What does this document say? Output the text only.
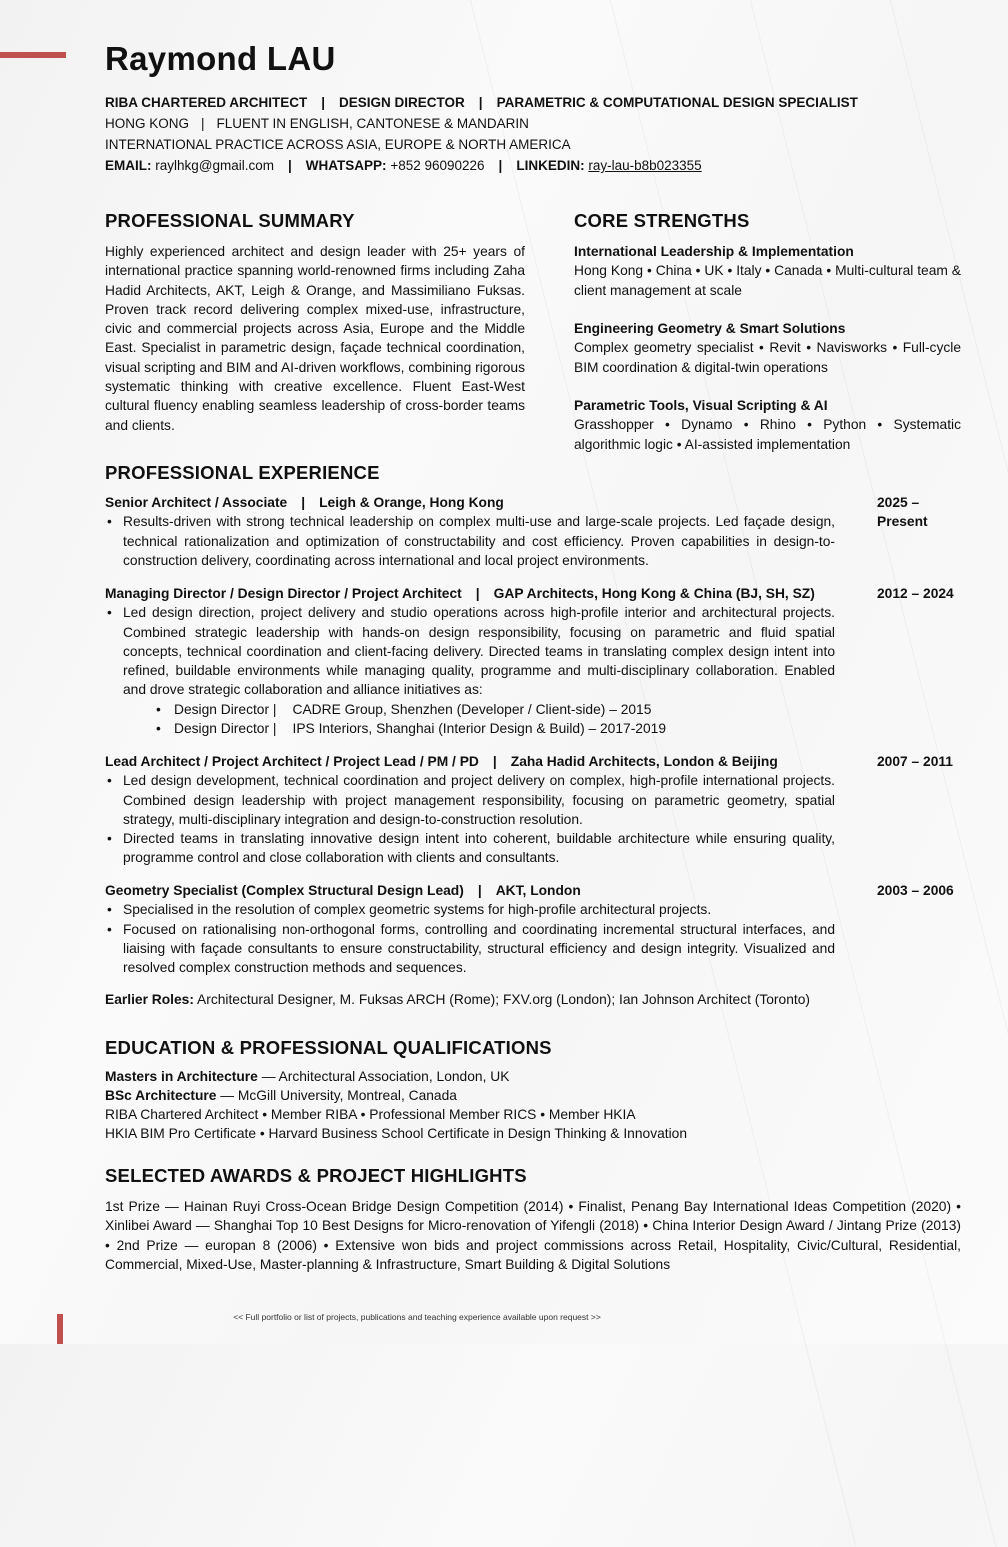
Raymond LAU
RIBA CHARTERED ARCHITECT | DESIGN DIRECTOR | PARAMETRIC & COMPUTATIONAL DESIGN SPECIALIST
HONG KONG | FLUENT IN ENGLISH, CANTONESE & MANDARIN
INTERNATIONAL PRACTICE ACROSS ASIA, EUROPE & NORTH AMERICA
EMAIL: raylhkg@gmail.com | WHATSAPP: +852 96090226 | LINKEDIN: ray-lau-b8b023355
PROFESSIONAL SUMMARY
Highly experienced architect and design leader with 25+ years of international practice spanning world-renowned firms including Zaha Hadid Architects, AKT, Leigh & Orange, and Massimiliano Fuksas. Proven track record delivering complex mixed-use, infrastructure, civic and commercial projects across Asia, Europe and the Middle East. Specialist in parametric design, façade technical coordination, visual scripting and BIM and AI-driven workflows, combining rigorous systematic thinking with creative excellence. Fluent East-West cultural fluency enabling seamless leadership of cross-border teams and clients.
CORE STRENGTHS
International Leadership & Implementation
Hong Kong • China • UK • Italy • Canada • Multi-cultural team & client management at scale
Engineering Geometry & Smart Solutions
Complex geometry specialist • Revit • Navisworks • Full-cycle BIM coordination & digital-twin operations
Parametric Tools, Visual Scripting & AI
Grasshopper • Dynamo • Rhino • Python • Systematic algorithmic logic • AI-assisted implementation
PROFESSIONAL EXPERIENCE
Senior Architect / Associate | Leigh & Orange, Hong Kong	2025 – Present
• Results-driven with strong technical leadership on complex multi-use and large-scale projects. Led façade design, technical rationalization and optimization of constructability and cost efficiency. Proven capabilities in design-to-construction delivery, coordinating across international and local project environments.
Managing Director / Design Director / Project Architect | GAP Architects, Hong Kong & China (BJ, SH, SZ)	2012 – 2024
• Led design direction, project delivery and studio operations across high-profile interior and architectural projects. Combined strategic leadership with hands-on design responsibility, focusing on parametric and fluid spatial concepts, technical coordination and client-facing delivery. Directed teams in translating complex design intent into refined, buildable environments while managing quality, programme and multi-disciplinary collaboration. Enabled and drove strategic collaboration and alliance initiatives as:
• Design Director | CADRE Group, Shenzhen (Developer / Client-side) – 2015
• Design Director | IPS Interiors, Shanghai (Interior Design & Build) – 2017-2019
Lead Architect / Project Architect / Project Lead / PM / PD | Zaha Hadid Architects, London & Beijing	2007 – 2011
• Led design development, technical coordination and project delivery on complex, high-profile international projects. Combined design leadership with project management responsibility, focusing on parametric geometry, spatial strategy, multi-disciplinary integration and design-to-construction resolution.
• Directed teams in translating innovative design intent into coherent, buildable architecture while ensuring quality, programme control and close collaboration with clients and consultants.
Geometry Specialist (Complex Structural Design Lead) | AKT, London	2003 – 2006
• Specialised in the resolution of complex geometric systems for high-profile architectural projects.
• Focused on rationalising non-orthogonal forms, controlling and coordinating incremental structural interfaces, and liaising with façade consultants to ensure constructability, structural efficiency and design integrity. Visualized and resolved complex construction methods and sequences.
Earlier Roles: Architectural Designer, M. Fuksas ARCH (Rome); FXV.org (London); Ian Johnson Architect (Toronto)
EDUCATION & PROFESSIONAL QUALIFICATIONS
Masters in Architecture — Architectural Association, London, UK
BSc Architecture — McGill University, Montreal, Canada
RIBA Chartered Architect • Member RIBA • Professional Member RICS • Member HKIA
HKIA BIM Pro Certificate • Harvard Business School Certificate in Design Thinking & Innovation
SELECTED AWARDS & PROJECT HIGHLIGHTS
1st Prize — Hainan Ruyi Cross-Ocean Bridge Design Competition (2014) • Finalist, Penang Bay International Ideas Competition (2020) • Xinlibei Award — Shanghai Top 10 Best Designs for Micro-renovation of Yifengli (2018) • China Interior Design Award / Jintang Prize (2013) • 2nd Prize — europan 8 (2006) • Extensive won bids and project commissions across Retail, Hospitality, Civic/Cultural, Residential, Commercial, Mixed-Use, Master-planning & Infrastructure, Smart Building & Digital Solutions
<< Full portfolio or list of projects, publications and teaching experience available upon request >>
